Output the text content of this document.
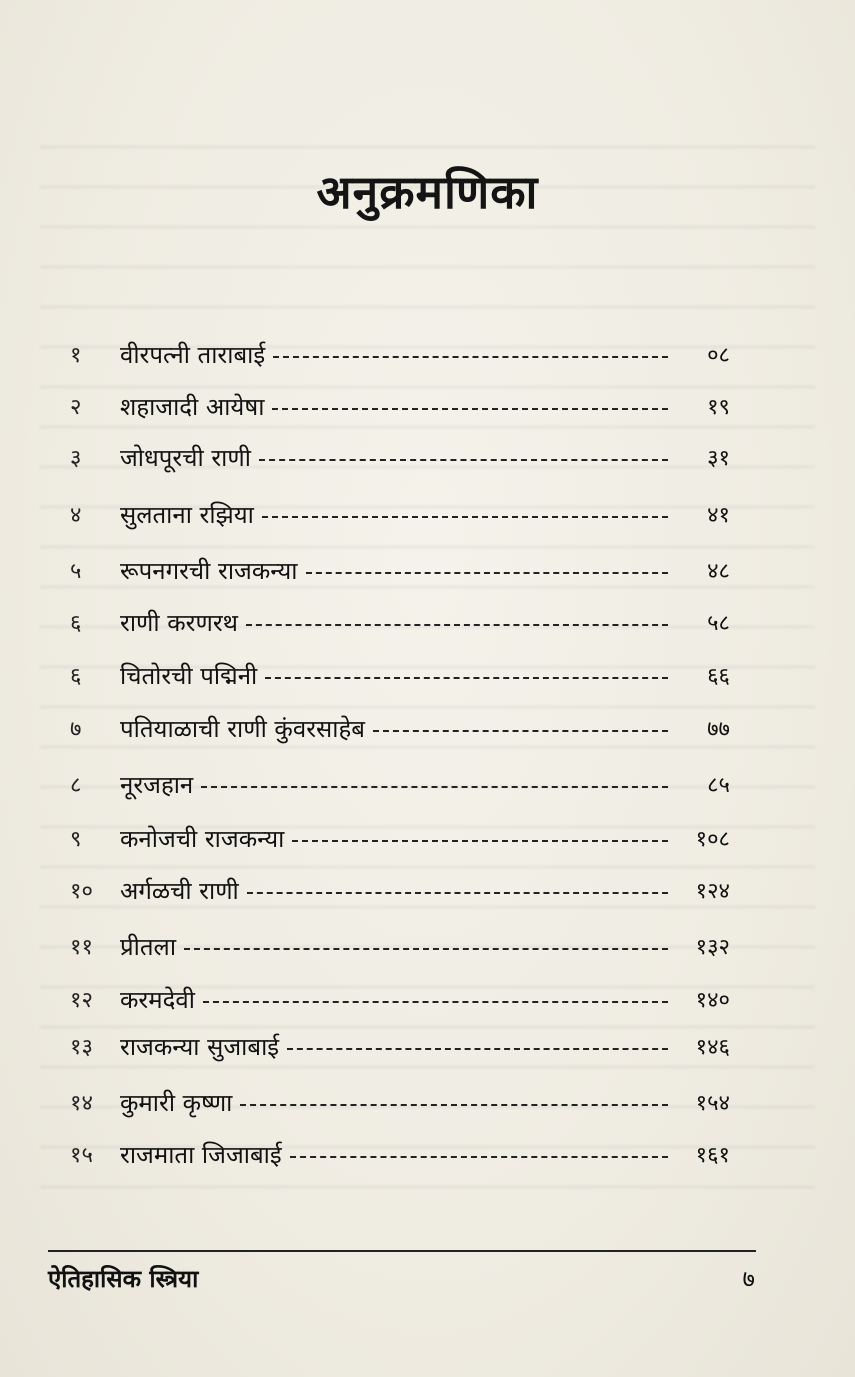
अनुक्रमणिका
१	वीरपत्नी ताराबाई	०८
२	शहाजादी आयेषा	१९
३	जोधपूरची राणी	३१
४	सुलताना रझिया	४१
५	रूपनगरची राजकन्या	४८
६	राणी करणरथ	५८
६	चितोरची पद्मिनी	६६
७	पतियाळाची राणी कुंवरसाहेब	७७
८	नूरजहान	८५
९	कनोजची राजकन्या	१०८
१०	अर्गळची राणी	१२४
११	प्रीतला	१३२
१२	करमदेवी	१४०
१३	राजकन्या सुजाबाई	१४६
१४	कुमारी कृष्णा	१५४
१५	राजमाता जिजाबाई	१६१
ऐतिहासिक स्त्रिया	७
